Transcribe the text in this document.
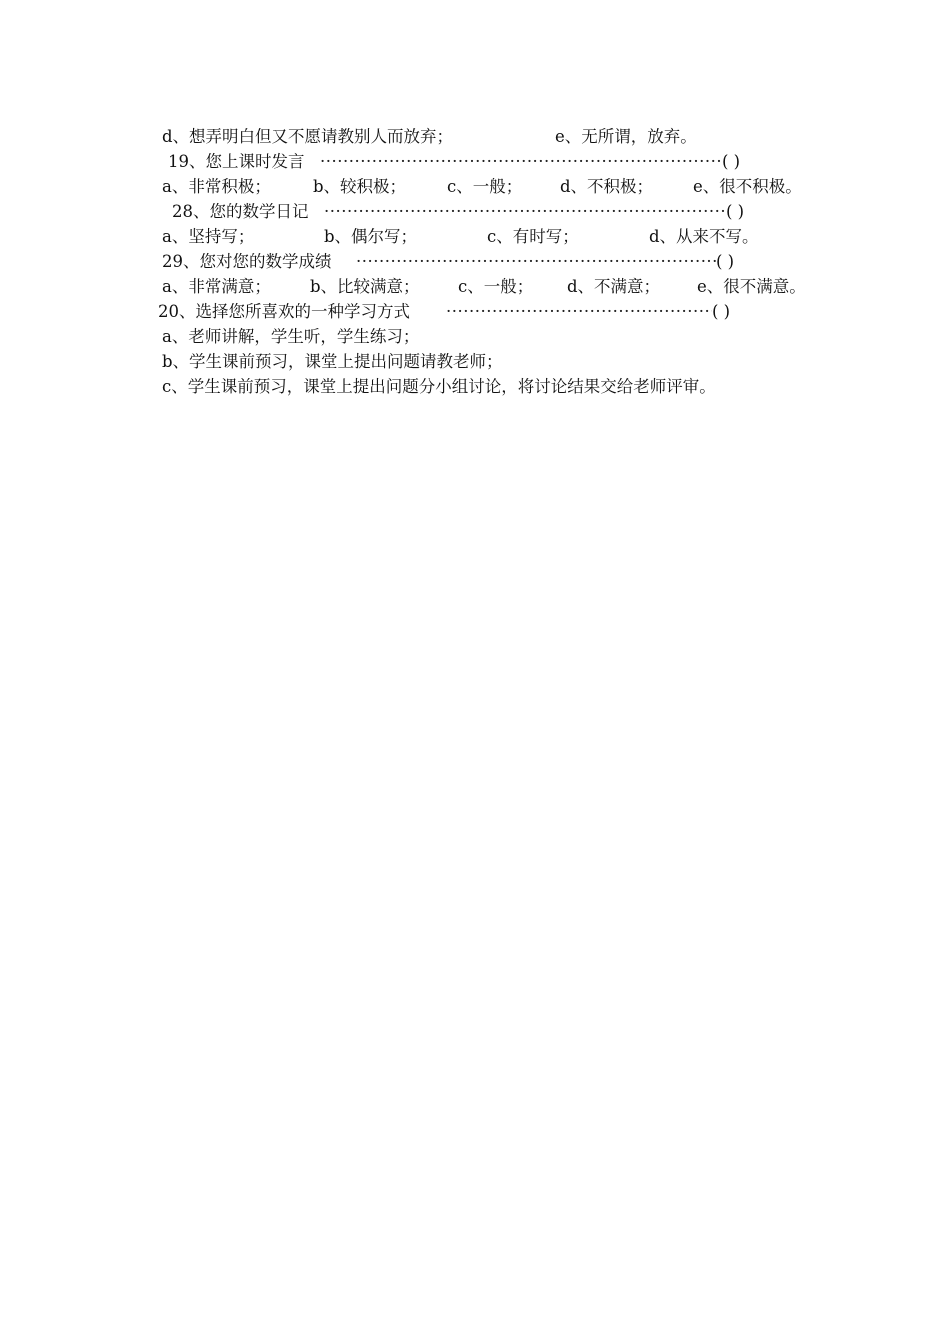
d、想弄明白但又不愿请教别人而放弃；	e、无所谓，放弃。
19、您上课时发言 ·····	( )
a、非常积极；	b、较积极； c、一般； d、不积极； e、很不积极。
28、您的数学日记 ·····	( )
a、坚持写；	b、偶尔写；	c、有时写；	d、从来不写。
29、您对您的数学成绩 ·····	( )
a、非常满意； b、比较满意； c、一般； d、不满意； e、很不满意。
20、选择您所喜欢的一种学习方式 ·····	( )
a、老师讲解，学生听，学生练习；
b、学生课前预习，课堂上提出问题请教老师；
c、学生课前预习，课堂上提出问题分小组讨论，将讨论结果交给老师评审。
